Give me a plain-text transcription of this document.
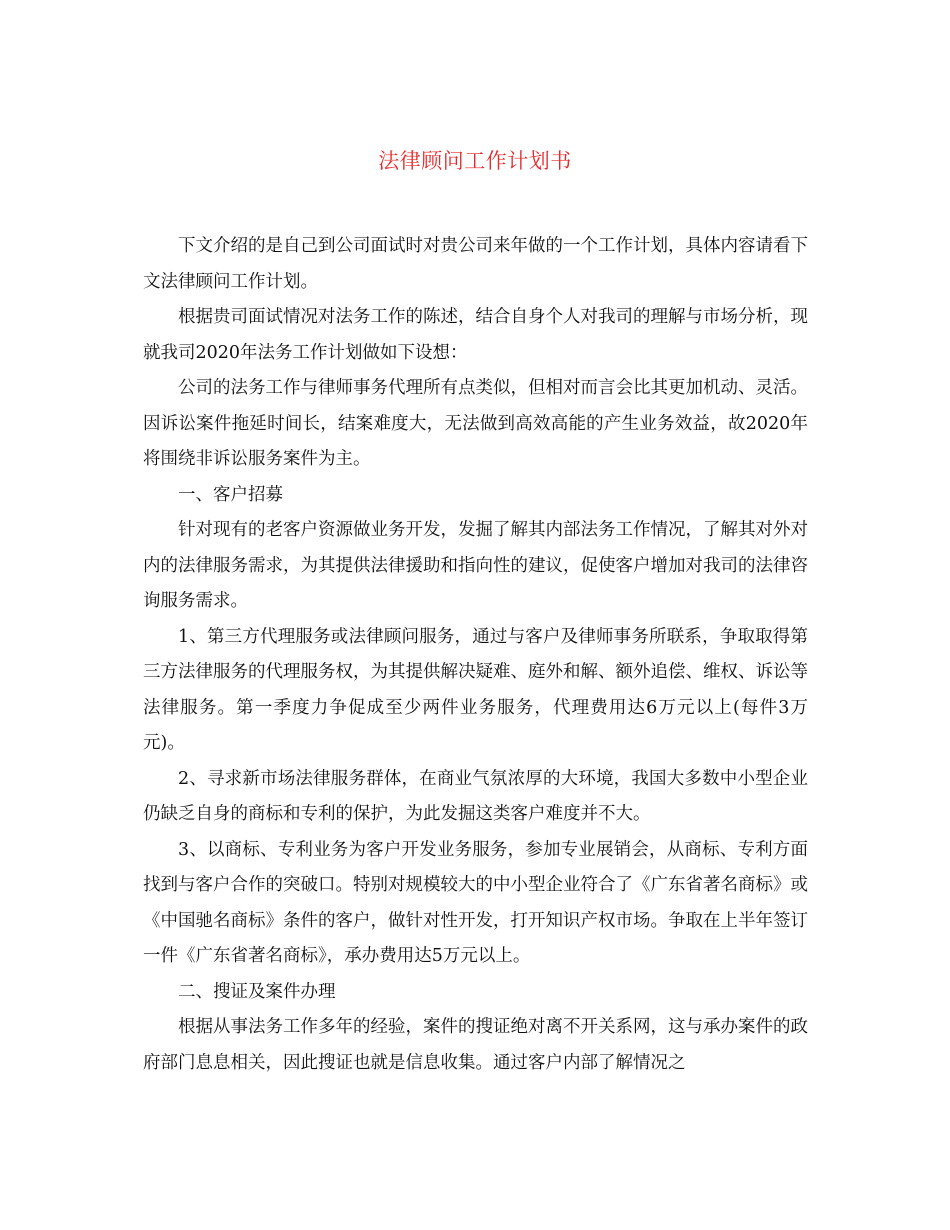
法律顾问工作计划书

下文介绍的是自己到公司面试时对贵公司来年做的一个工作计划，具体内容请看下文法律顾问工作计划。

根据贵司面试情况对法务工作的陈述，结合自身个人对我司的理解与市场分析，现就我司2020年法务工作计划做如下设想：

公司的法务工作与律师事务代理所有点类似，但相对而言会比其更加机动、灵活。因诉讼案件拖延时间长，结案难度大，无法做到高效高能的产生业务效益，故2020年将围绕非诉讼服务案件为主。

一、客户招募

针对现有的老客户资源做业务开发，发掘了解其内部法务工作情况，了解其对外对内的法律服务需求，为其提供法律援助和指向性的建议，促使客户增加对我司的法律咨询服务需求。

1、第三方代理服务或法律顾问服务，通过与客户及律师事务所联系，争取取得第三方法律服务的代理服务权，为其提供解决疑难、庭外和解、额外追偿、维权、诉讼等法律服务。第一季度力争促成至少两件业务服务，代理费用达6万元以上(每件3万元)。

2、寻求新市场法律服务群体，在商业气氛浓厚的大环境，我国大多数中小型企业仍缺乏自身的商标和专利的保护，为此发掘这类客户难度并不大。

3、以商标、专利业务为客户开发业务服务，参加专业展销会，从商标、专利方面找到与客户合作的突破口。特别对规模较大的中小型企业符合了《广东省著名商标》或《中国驰名商标》条件的客户，做针对性开发，打开知识产权市场。争取在上半年签订一件《广东省著名商标》，承办费用达5万元以上。

二、搜证及案件办理

根据从事法务工作多年的经验，案件的搜证绝对离不开关系网，这与承办案件的政府部门息息相关，因此搜证也就是信息收集。通过客户内部了解情况之
